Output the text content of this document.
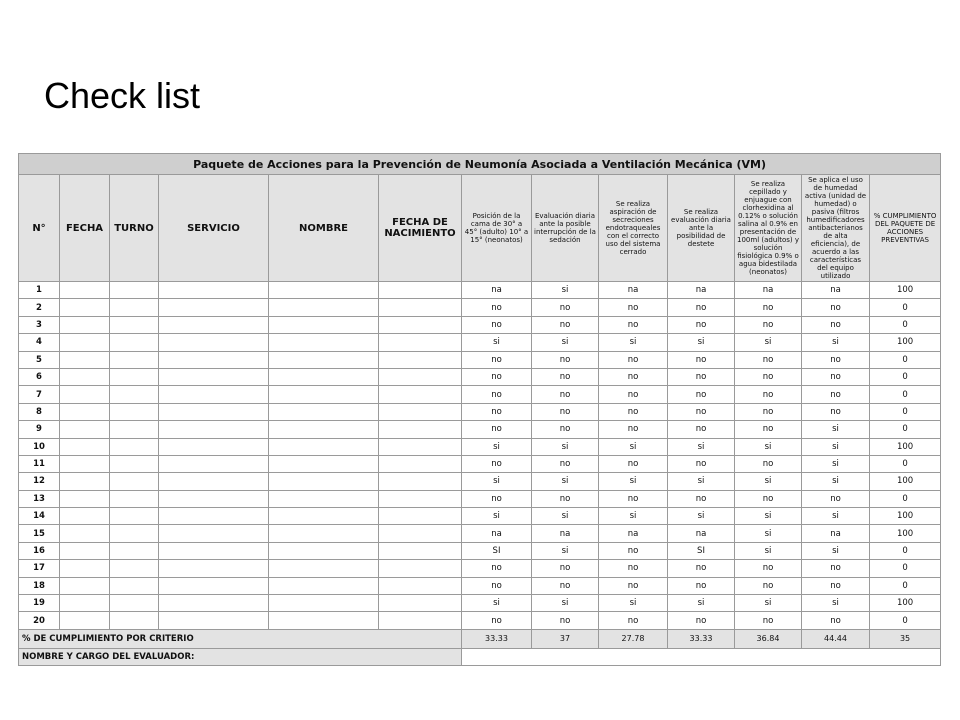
Check list
Paquete de Acciones para la Prevención de Neumonía Asociada a Ventilación Mecánica (VM)												
N°	FECHA	TURNO	SERVICIO	NOMBRE	FECHA DE NACIMIENTO	Posición de la cama de 30° a 45° (adulto) 10° a 15° (neonatos)	Evaluación diaria ante la posible interrupción de la sedación	Se realiza aspiración de secreciones endotraqueales con el correcto uso del sistema cerrado	Se realiza evaluación diaria ante la posibilidad de destete	Se realiza cepillado y enjuague con clorhexidina al 0.12% o solución salina al 0.9% en presentación de 100ml (adultos) y solución fisiológica 0.9% o agua bidestilada (neonatos)	Se aplica el uso de humedad activa (unidad de humedad) o pasiva (filtros humedificadores antibacterianos de alta eficiencia), de acuerdo a las características del equipo utilizado	% CUMPLIMIENTO DEL PAQUETE DE ACCIONES PREVENTIVAS
1						na	si	na	na	na	na	100
2						no	no	no	no	no	no	0
3						no	no	no	no	no	no	0
4						si	si	si	si	si	si	100
5						no	no	no	no	no	no	0
6						no	no	no	no	no	no	0
7						no	no	no	no	no	no	0
8						no	no	no	no	no	no	0
9						no	no	no	no	no	si	0
10						si	si	si	si	si	si	100
11						no	no	no	no	no	si	0
12						si	si	si	si	si	si	100
13						no	no	no	no	no	no	0
14						si	si	si	si	si	si	100
15						na	na	na	na	si	na	100
16						SI	si	no	SI	si	si	0
17						no	no	no	no	no	no	0
18						no	no	no	no	no	no	0
19						si	si	si	si	si	si	100
20						no	no	no	no	no	no	0
% DE CUMPLIMIENTO POR CRITERIO						33.33	37	27.78	33.33	36.84	44.44	35
NOMBRE Y CARGO DEL EVALUADOR:												
